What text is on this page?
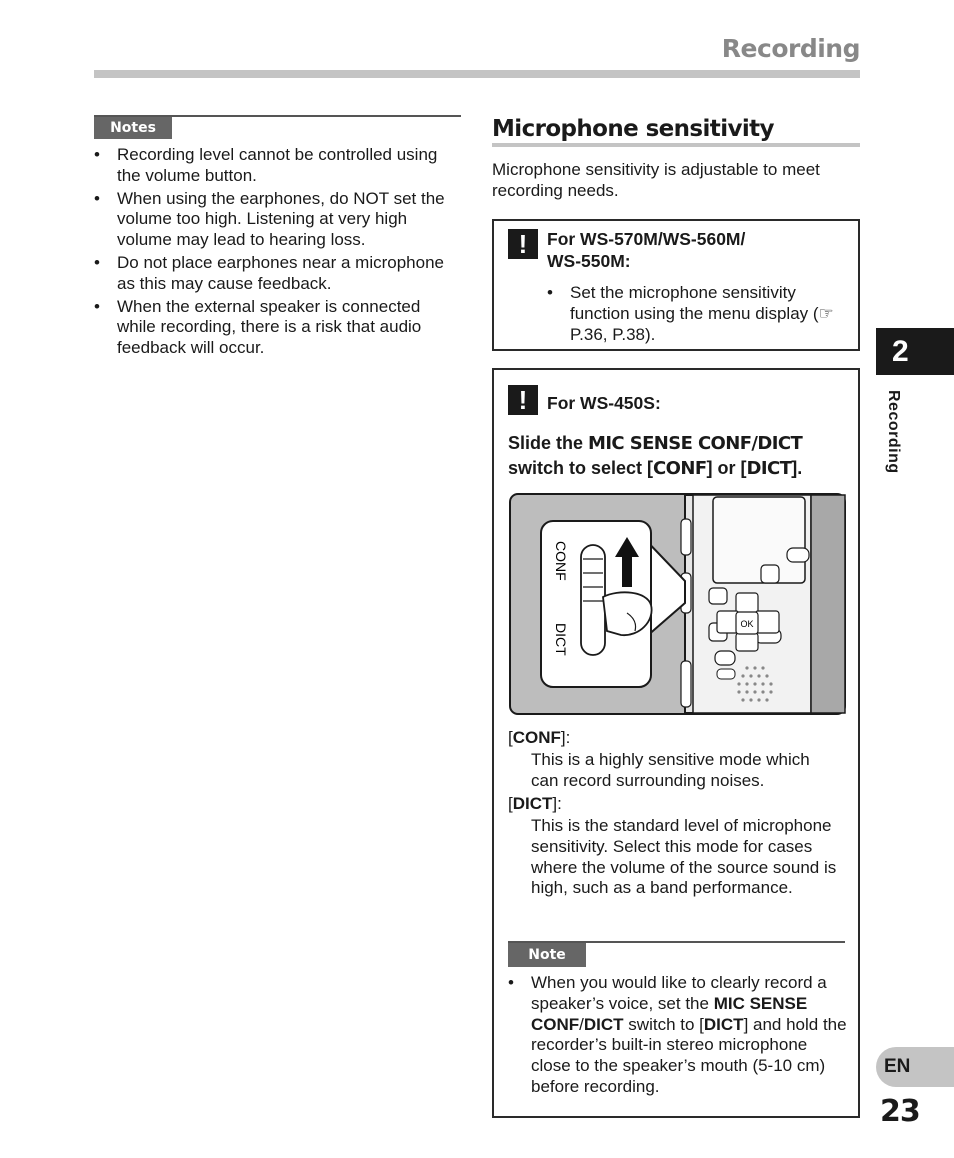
Recording
Notes
• Recording level cannot be controlled using the volume button.
• When using the earphones, do NOT set the volume too high. Listening at very high volume may lead to hearing loss.
• Do not place earphones near a microphone as this may cause feedback.
• When the external speaker is connected while recording, there is a risk that audio feedback will occur.
Microphone sensitivity
Microphone sensitivity is adjustable to meet recording needs.
!	For WS-570M/WS-560M/
WS-550M:
• Set the microphone sensitivity function using the menu display (☞ P.36, P.38).
!	For WS-450S:
Slide the MIC SENSE CONF/DICT
switch to select [CONF] or [DICT].
OK
CONF
DICT
[CONF]:
This is a highly sensitive mode which can record surrounding noises.
[DICT]:
This is the standard level of microphone sensitivity. Select this mode for cases where the volume of the source sound is high, such as a band performance.
Note
• When you would like to clearly record a speaker’s voice, set the MIC SENSE CONF/DICT switch to [DICT] and hold the recorder’s built-in stereo microphone close to the speaker’s mouth (5-10 cm) before recording.
2
Recording
EN
23
